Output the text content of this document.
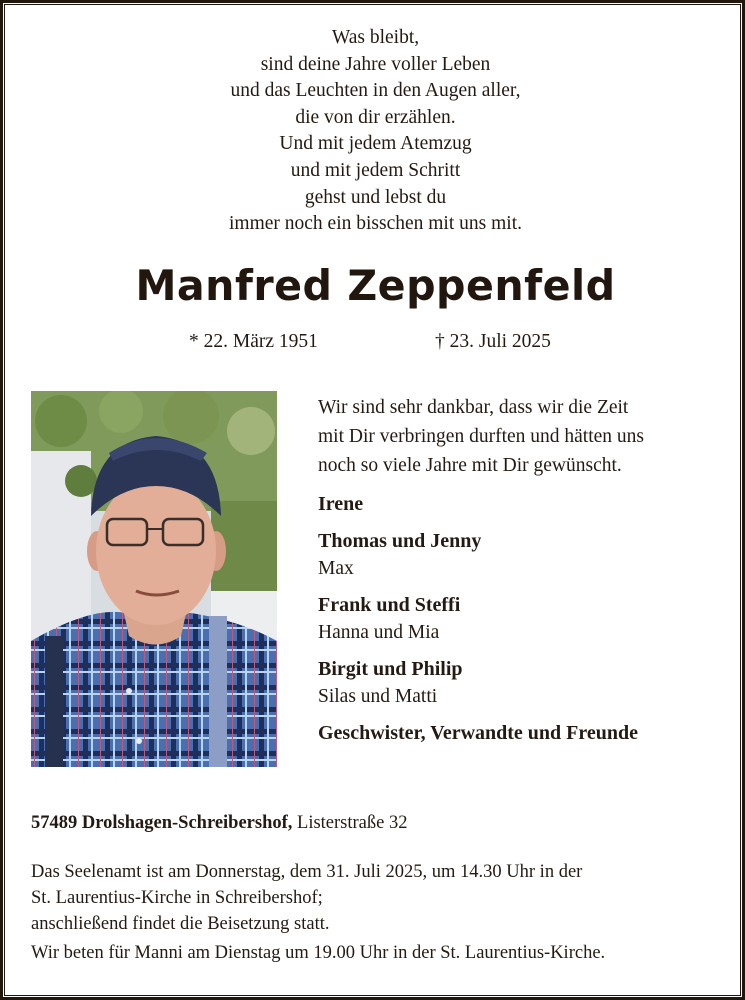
Was bleibt,
sind deine Jahre voller Leben
und das Leuchten in den Augen aller,
die von dir erzählen.
Und mit jedem Atemzug
und mit jedem Schritt
gehst und lebst du
immer noch ein bisschen mit uns mit.
Manfred Zeppenfeld
* 22. März 1951	† 23. Juli 2025
Wir sind sehr dankbar, dass wir die Zeit
mit Dir verbringen durften und hätten uns
noch so viele Jahre mit Dir gewünscht.
Irene
Thomas und Jenny
Max
Frank und Steffi
Hanna und Mia
Birgit und Philip
Silas und Matti
Geschwister, Verwandte und Freunde
57489 Drolshagen-Schreibershof, Listerstraße 32
Das Seelenamt ist am Donnerstag, dem 31. Juli 2025, um 14.30 Uhr in der
St. Laurentius-Kirche in Schreibershof;
anschließend findet die Beisetzung statt.
Wir beten für Manni am Dienstag um 19.00 Uhr in der St. Laurentius-Kirche.
